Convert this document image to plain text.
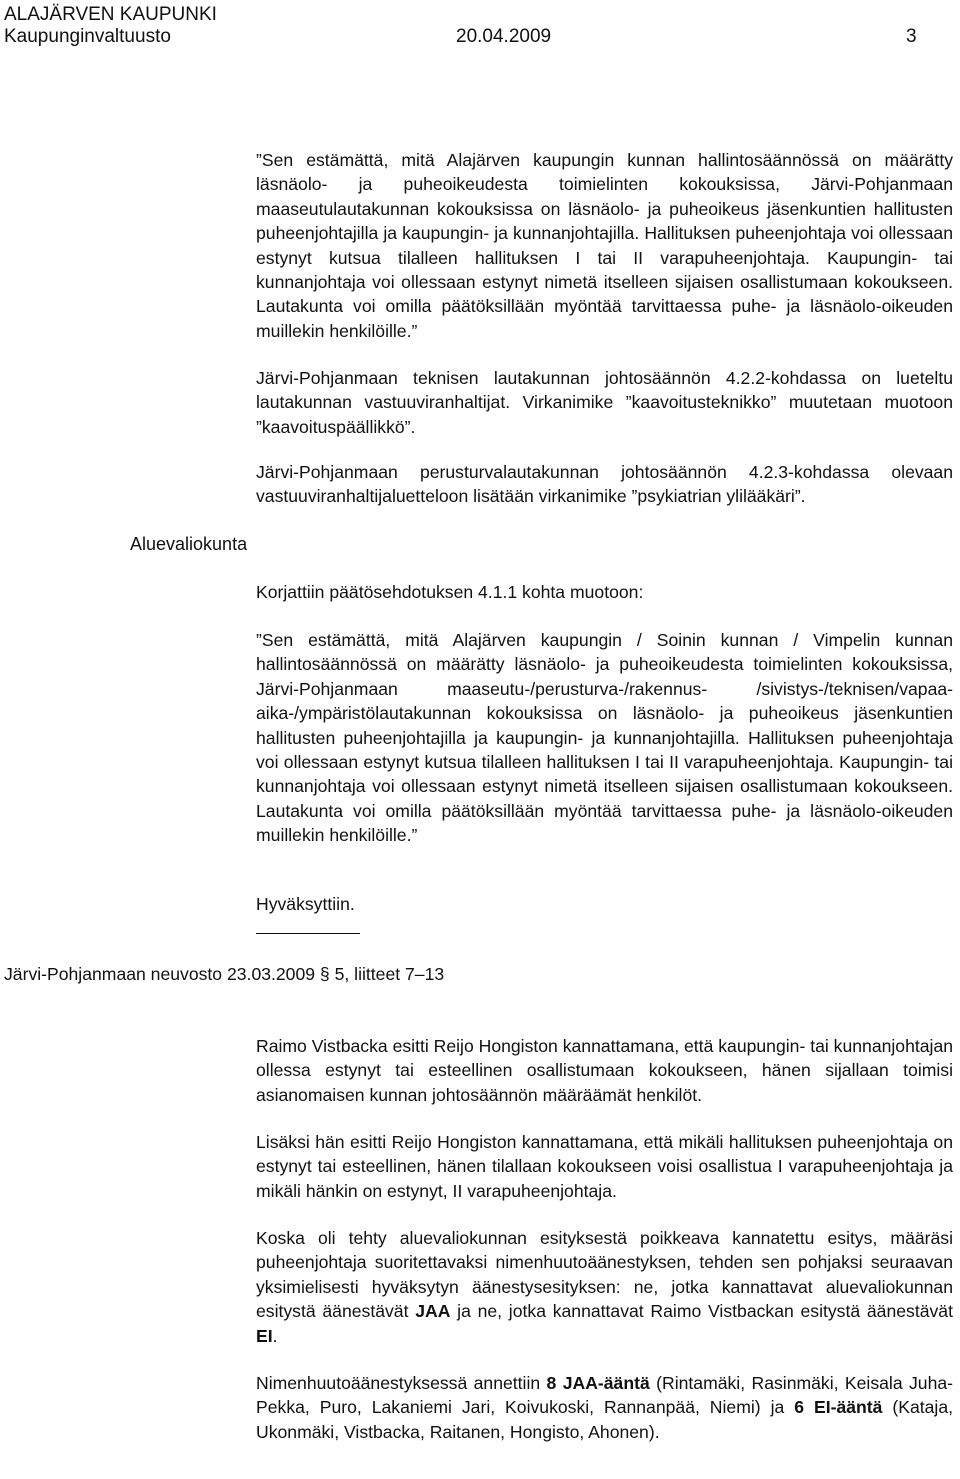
ALAJÄRVEN KAUPUNKI
Kaupunginvaltuusto	20.04.2009	3

”Sen estämättä, mitä Alajärven kaupungin kunnan hallintosäännössä on määrätty läsnäolo- ja puheoikeudesta toimielinten kokouksissa, Järvi-Pohjanmaan maaseutulautakunnan kokouksissa on läsnäolo- ja puheoikeus jäsenkuntien hallitusten puheenjohtajilla ja kaupungin- ja kunnanjohtajilla. Hallituksen puheenjohtaja voi ollessaan estynyt kutsua tilalleen hallituksen I tai II varapuheenjohtaja. Kaupungin- tai kunnanjohtaja voi ollessaan estynyt nimetä itselleen sijaisen osallistumaan kokoukseen. Lautakunta voi omilla päätöksillään myöntää tarvittaessa puhe- ja läsnäolo-oikeuden muillekin henkilöille.”

Järvi-Pohjanmaan teknisen lautakunnan johtosäännön 4.2.2-kohdassa on lueteltu lautakunnan vastuuviranhaltijat. Virkanimike ”kaavoitusteknikko” muutetaan muotoon ”kaavoituspäällikkö”.

Järvi-Pohjanmaan perusturvalautakunnan johtosäännön 4.2.3-kohdassa olevaan vastuuviranhaltijaluetteloon lisätään virkanimike ”psykiatrian ylilääkäri”.

Aluevaliokunta
Korjattiin päätösehdotuksen 4.1.1 kohta muotoon:

”Sen estämättä, mitä Alajärven kaupungin / Soinin kunnan / Vimpelin kunnan hallintosäännössä on määrätty läsnäolo- ja puheoikeudesta toimielinten kokouksissa, Järvi-Pohjanmaan maaseutu-/perusturva-/rakennus- /sivistys-/teknisen/vapaa-aika-/ympäristölautakunnan kokouksissa on läsnäolo- ja puheoikeus jäsenkuntien hallitusten puheenjohtajilla ja kaupungin- ja kunnanjohtajilla. Hallituksen puheenjohtaja voi ollessaan estynyt kutsua tilalleen hallituksen I tai II varapuheenjohtaja. Kaupungin- tai kunnanjohtaja voi ollessaan estynyt nimetä itselleen sijaisen osallistumaan kokoukseen. Lautakunta voi omilla päätöksillään myöntää tarvittaessa puhe- ja läsnäolo-oikeuden muillekin henkilöille.”

Hyväksyttiin.
Järvi-Pohjanmaan neuvosto 23.03.2009 § 5, liitteet 7–13

Raimo Vistbacka esitti Reijo Hongiston kannattamana, että kaupungin- tai kunnanjohtajan ollessa estynyt tai esteellinen osallistumaan kokoukseen, hänen sijallaan toimisi asianomaisen kunnan johtosäännön määräämät henkilöt.

Lisäksi hän esitti Reijo Hongiston kannattamana, että mikäli hallituksen puheenjohtaja on estynyt tai esteellinen, hänen tilallaan kokoukseen voisi osallistua I varapuheenjohtaja ja mikäli hänkin on estynyt, II varapuheenjohtaja.

Koska oli tehty aluevaliokunnan esityksestä poikkeava kannatettu esitys, määräsi puheenjohtaja suoritettavaksi nimenhuutoäänestyksen, tehden sen pohjaksi seuraavan yksimielisesti hyväksytyn äänestysesityksen: ne, jotka kannattavat aluevaliokunnan esitystä äänestävät JAA ja ne, jotka kannattavat Raimo Vistbackan esitystä äänestävät EI.

Nimenhuutoäänestyksessä annettiin 8 JAA-ääntä (Rintamäki, Rasinmäki, Keisala Juha-Pekka, Puro, Lakaniemi Jari, Koivukoski, Rannanpää, Niemi) ja 6 EI-ääntä (Kataja, Ukonmäki, Vistbacka, Raitanen, Hongisto, Ahonen).
